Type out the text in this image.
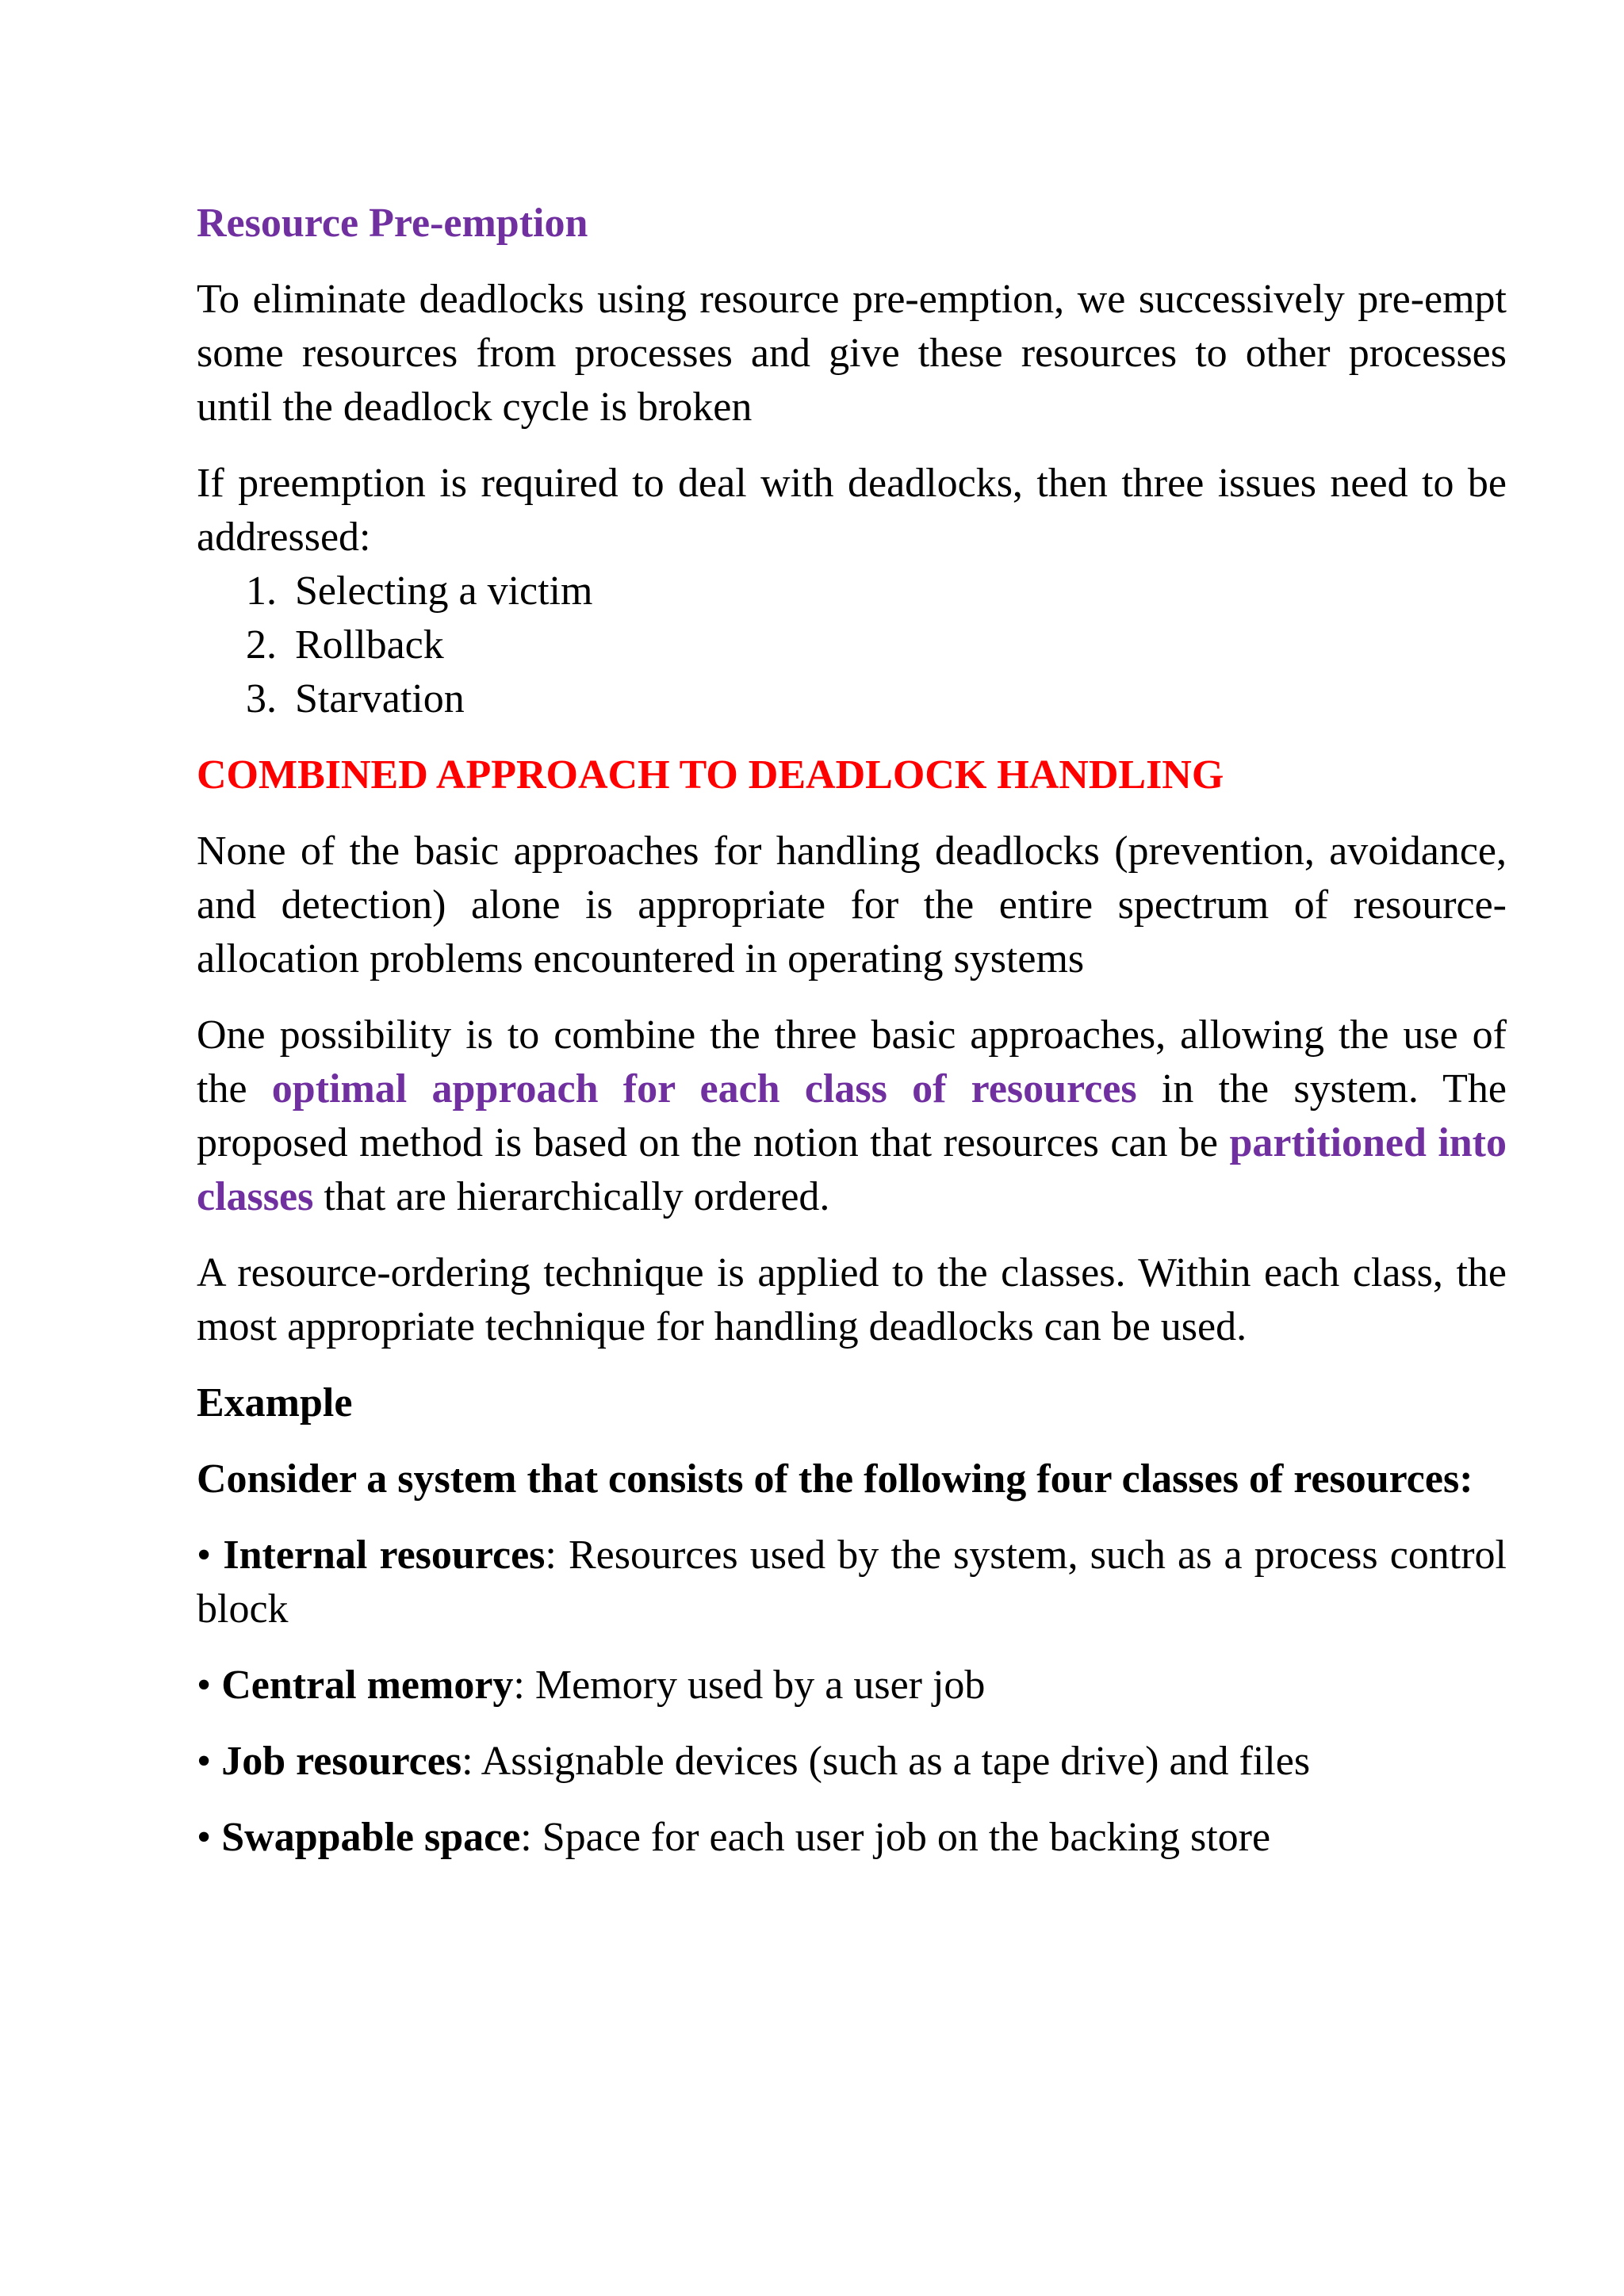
Resource Pre-emption

To eliminate deadlocks using resource pre-emption, we successively pre-empt some resources from processes and give these resources to other processes until the deadlock cycle is broken

If preemption is required to deal with deadlocks, then three issues need to be addressed:

1. Selecting a victim
2. Rollback
3. Starvation
COMBINED APPROACH TO DEADLOCK HANDLING

None of the basic approaches for handling deadlocks (prevention, avoidance, and detection) alone is appropriate for the entire spectrum of resource-allocation problems encountered in operating systems

One possibility is to combine the three basic approaches, allowing the use of the optimal approach for each class of resources in the system. The proposed method is based on the notion that resources can be partitioned into classes that are hierarchically ordered.

A resource-ordering technique is applied to the classes. Within each class, the most appropriate technique for handling deadlocks can be used.

Example

Consider a system that consists of the following four classes of resources:

• Internal resources: Resources used by the system, such as a process control block

• Central memory: Memory used by a user job

• Job resources: Assignable devices (such as a tape drive) and files

• Swappable space: Space for each user job on the backing store
